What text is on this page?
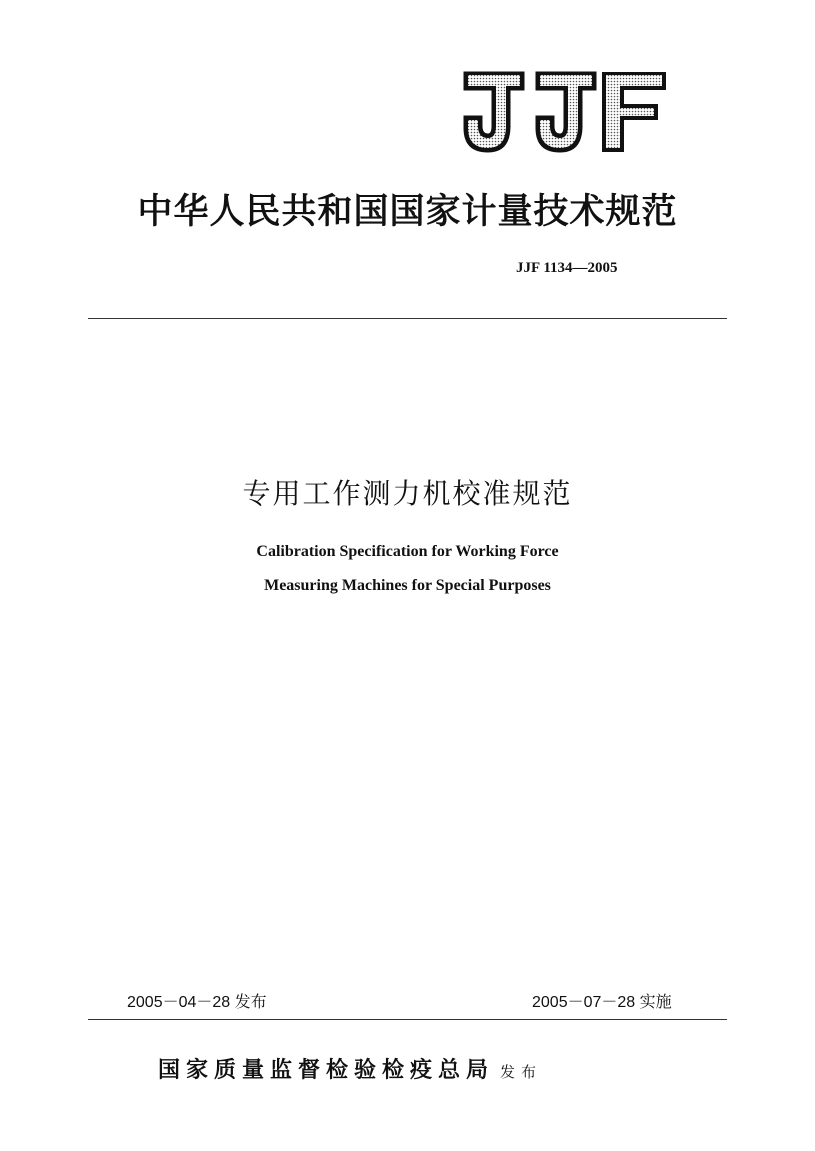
中华人民共和国国家计量技术规范
JJF 1134—2005
专用工作测力机校准规范
Calibration Specification for Working Force
Measuring Machines for Special Purposes
2005－04－28 发布	2005－07－28 实施
国家质量监督检验检疫总局 发布
